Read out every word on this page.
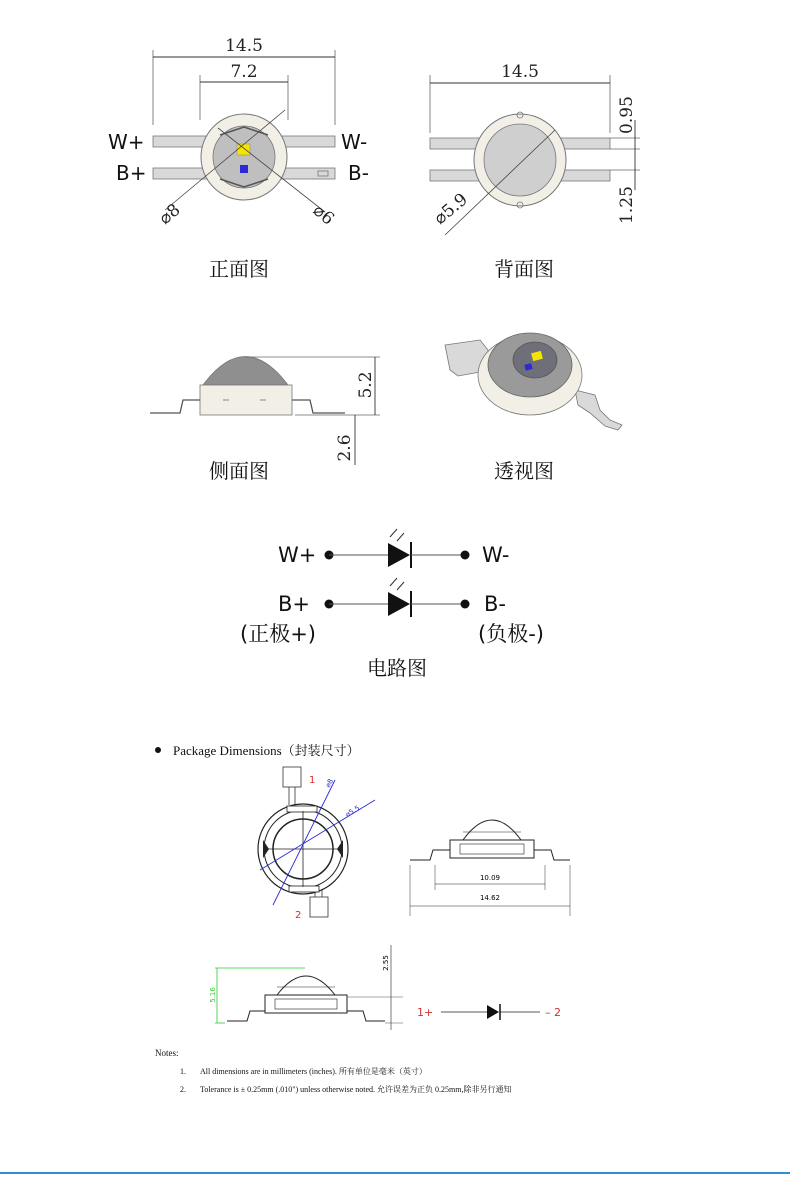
14.5
7.2
⌀8	⌀6
W+
B+
W-
B-
正面图
14.5
0.95
1.25
⌀5.9
背面图
5.2
2.6
侧面图	透视图
W+	W-
B+	B-
(正极+)	(负极-)
电路图
Package Dimensions（封装尺寸）
⌀8
⌀5.5
1
2
10.09
14.62
5.16
2.55
1+	– 2
Notes:
1. All dimensions are in millimeters (inches). 所有单位是毫米（英寸）
2. Tolerance is ± 0.25mm (.010") unless otherwise noted. 允许误差为正负 0.25mm,除非另行通知
